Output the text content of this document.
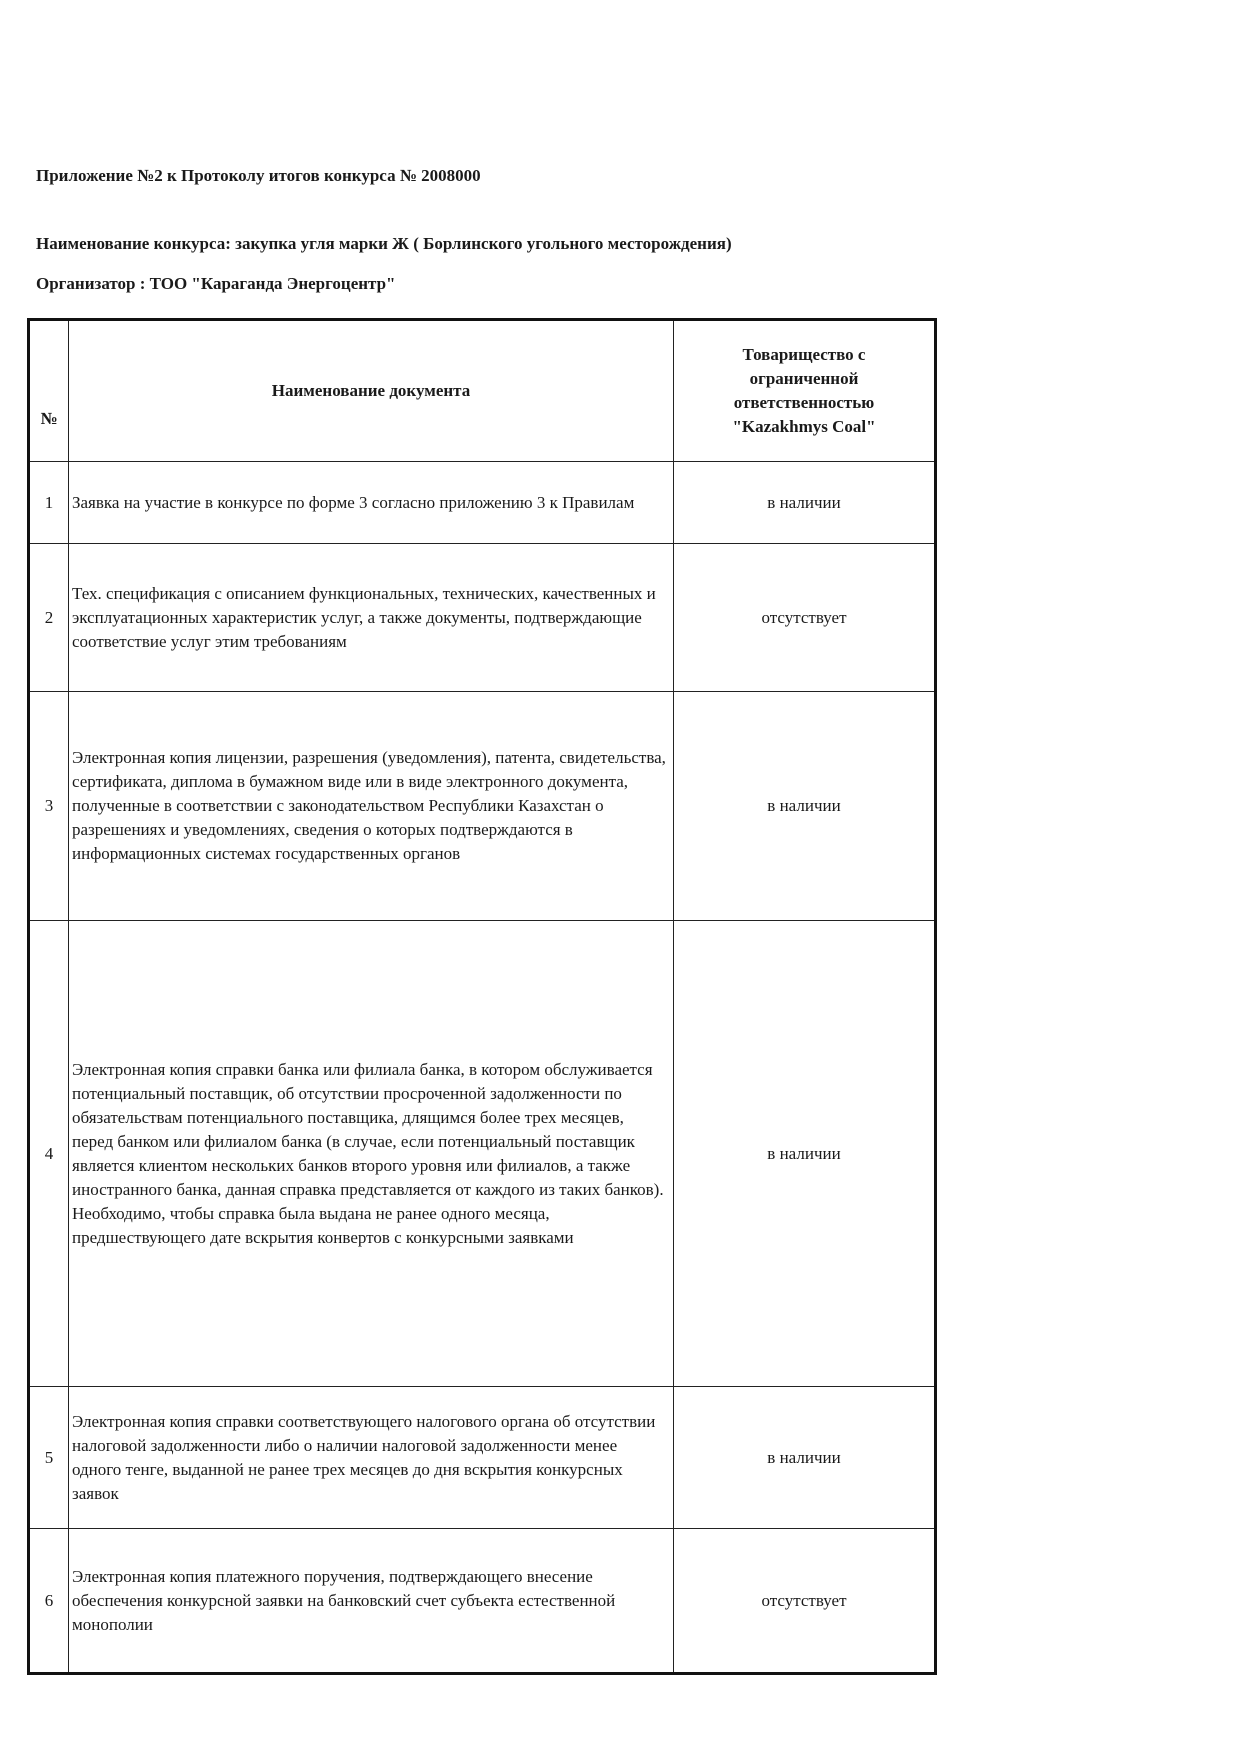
Приложение №2 к Протоколу итогов конкурса № 2008000
Наименование конкурса: закупка угля марки Ж ( Борлинского угольного месторождения)
Организатор : ТОО "Караганда Энергоцентр"
№	Наименование документа	Товарищество с ограниченной ответственностью "Kazakhmys Coal"
1	Заявка на участие в конкурсе по форме 3 согласно приложению 3 к Правилам	в наличии
2	Тех. спецификация с описанием функциональных, технических, качественных и эксплуатационных характеристик услуг, а также документы, подтверждающие соответствие услуг этим требованиям	отсутствует
3	Электронная копия лицензии, разрешения (уведомления), патента, свидетельства, сертификата, диплома в бумажном виде или в виде электронного документа, полученные в соответствии с законодательством Республики Казахстан о разрешениях и уведомлениях, сведения о которых подтверждаются в информационных системах государственных органов	в наличии
4	Электронная копия справки банка или филиала банка, в котором обслуживается потенциальный поставщик, об отсутствии просроченной задолженности по обязательствам потенциального поставщика, длящимся более трех месяцев, перед банком или филиалом банка (в случае, если потенциальный поставщик является клиентом нескольких банков второго уровня или филиалов, а также иностранного банка, данная справка представляется от каждого из таких банков). Необходимо, чтобы справка была выдана не ранее одного месяца, предшествующего дате вскрытия конвертов с конкурсными заявками	в наличии
5	Электронная копия справки соответствующего налогового органа об отсутствии налоговой задолженности либо о наличии налоговой задолженности менее одного тенге, выданной не ранее трех месяцев до дня вскрытия конкурсных заявок	в наличии
6	Электронная копия платежного поручения, подтверждающего внесение обеспечения конкурсной заявки на банковский счет субъекта естественной монополии	отсутствует
